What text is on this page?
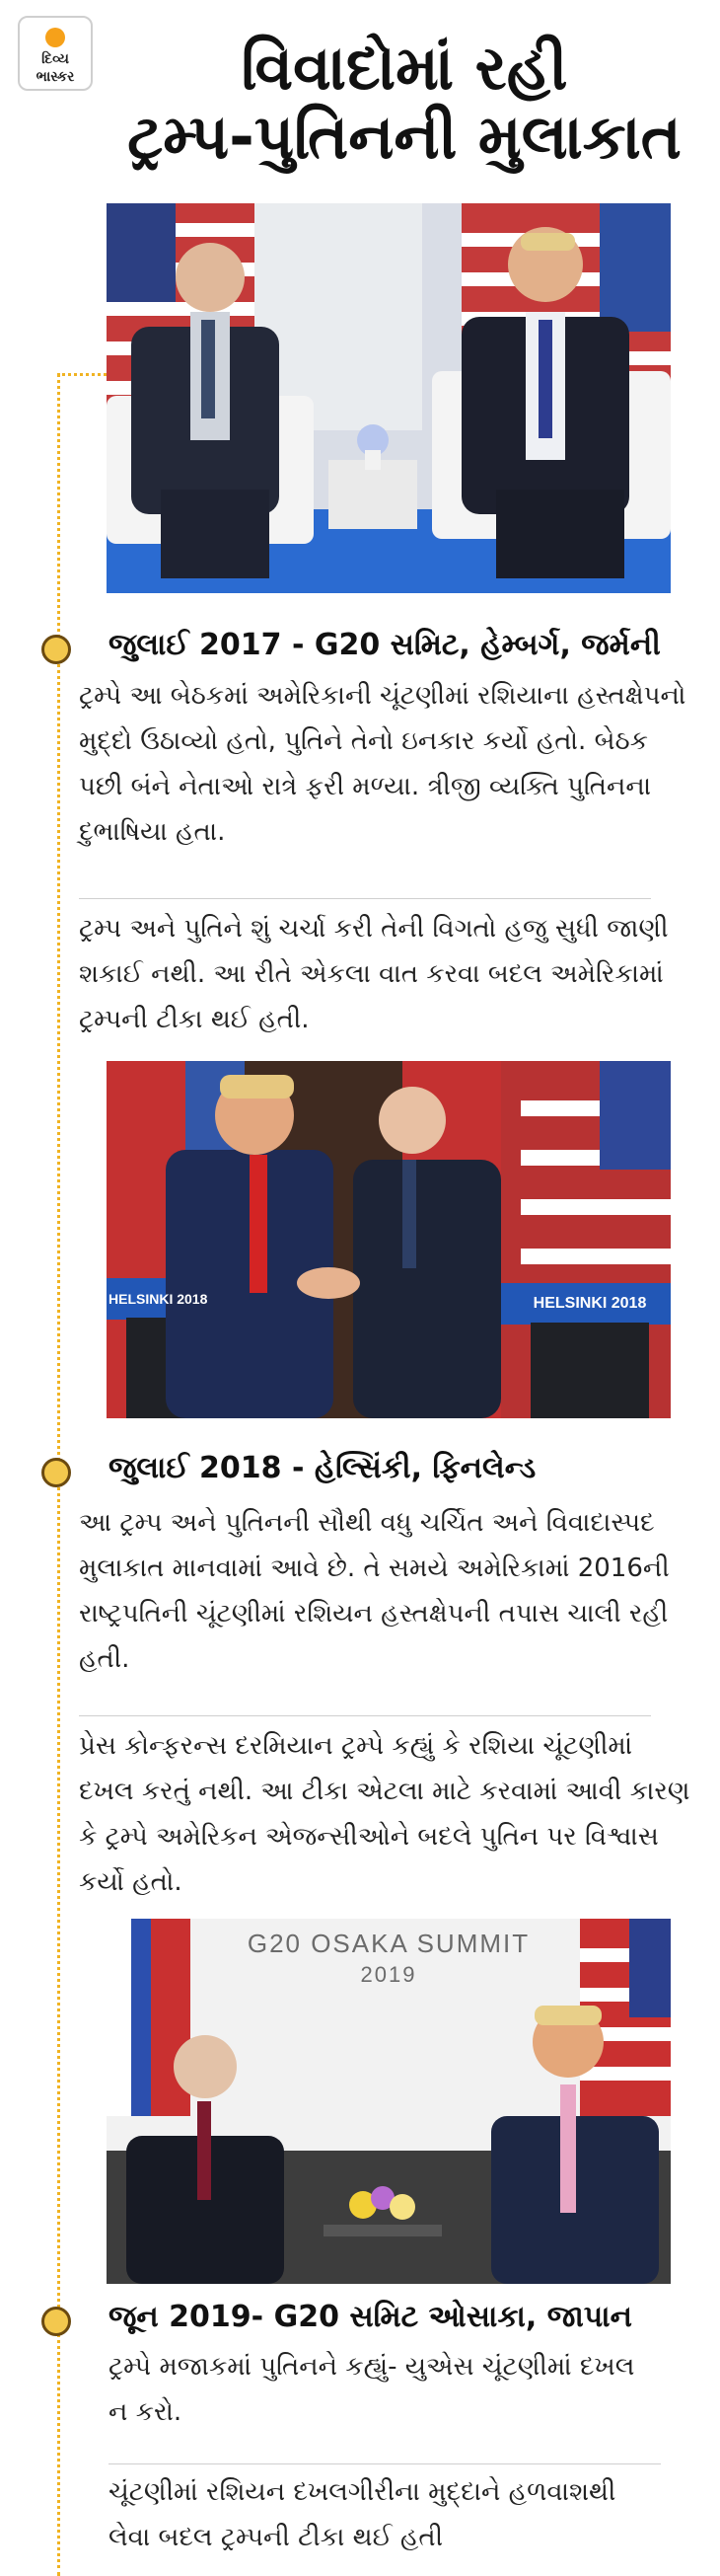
દિવ્ય
ભાસ્કર	વિવાદોમાં રહી
ટ્રમ્પ-પુતિનની મુલાકાત
જુલાઈ 2017 - G20 સમિટ, હેમ્બર્ગ, જર્મની
ટ્રમ્પે આ બેઠકમાં અમેરિકાની ચૂંટણીમાં રશિયાના હસ્તક્ષેપનો મુદ્દો ઉઠાવ્યો હતો, પુતિને તેનો ઇનકાર કર્યો હતો. બેઠક પછી બંને નેતાઓ રાત્રે ફરી મળ્યા. ત્રીજી વ્યક્તિ પુતિનના દુભાષિયા હતા.
ટ્રમ્પ અને પુતિને શું ચર્ચા કરી તેની વિગતો હજુ સુધી જાણી શકાઈ નથી. આ રીતે એકલા વાત કરવા બદલ અમેરિકામાં ટ્રમ્પની ટીકા થઈ હતી.
HELSINKI 2018	HELSINKI 2018
જુલાઈ 2018 - હેલ્સિંકી, ફિનલેન્ડ
આ ટ્રમ્પ અને પુતિનની સૌથી વધુ ચર્ચિત અને વિવાદાસ્પદ મુલાકાત માનવામાં આવે છે. તે સમયે અમેરિકામાં 2016ની રાષ્ટ્રપતિની ચૂંટણીમાં રશિયન હસ્તક્ષેપની તપાસ ચાલી રહી હતી.
પ્રેસ કોન્ફરન્સ દરમિયાન ટ્રમ્પે કહ્યું કે રશિયા ચૂંટણીમાં દખલ કરતું નથી. આ ટીકા એટલા માટે કરવામાં આવી કારણ કે ટ્રમ્પે અમેરિકન એજન્સીઓને બદલે પુતિન પર વિશ્વાસ કર્યો હતો.
G20 OSAKA SUMMIT
2019
જૂન 2019- G20 સમિટ ઓસાકા, જાપાન
ટ્રમ્પે મજાકમાં પુતિનને કહ્યું- યુએસ ચૂંટણીમાં દખલ ન કરો.
ચૂંટણીમાં રશિયન દખલગીરીના મુદ્દાને હળવાશથી લેવા બદલ ટ્રમ્પની ટીકા થઈ હતી
